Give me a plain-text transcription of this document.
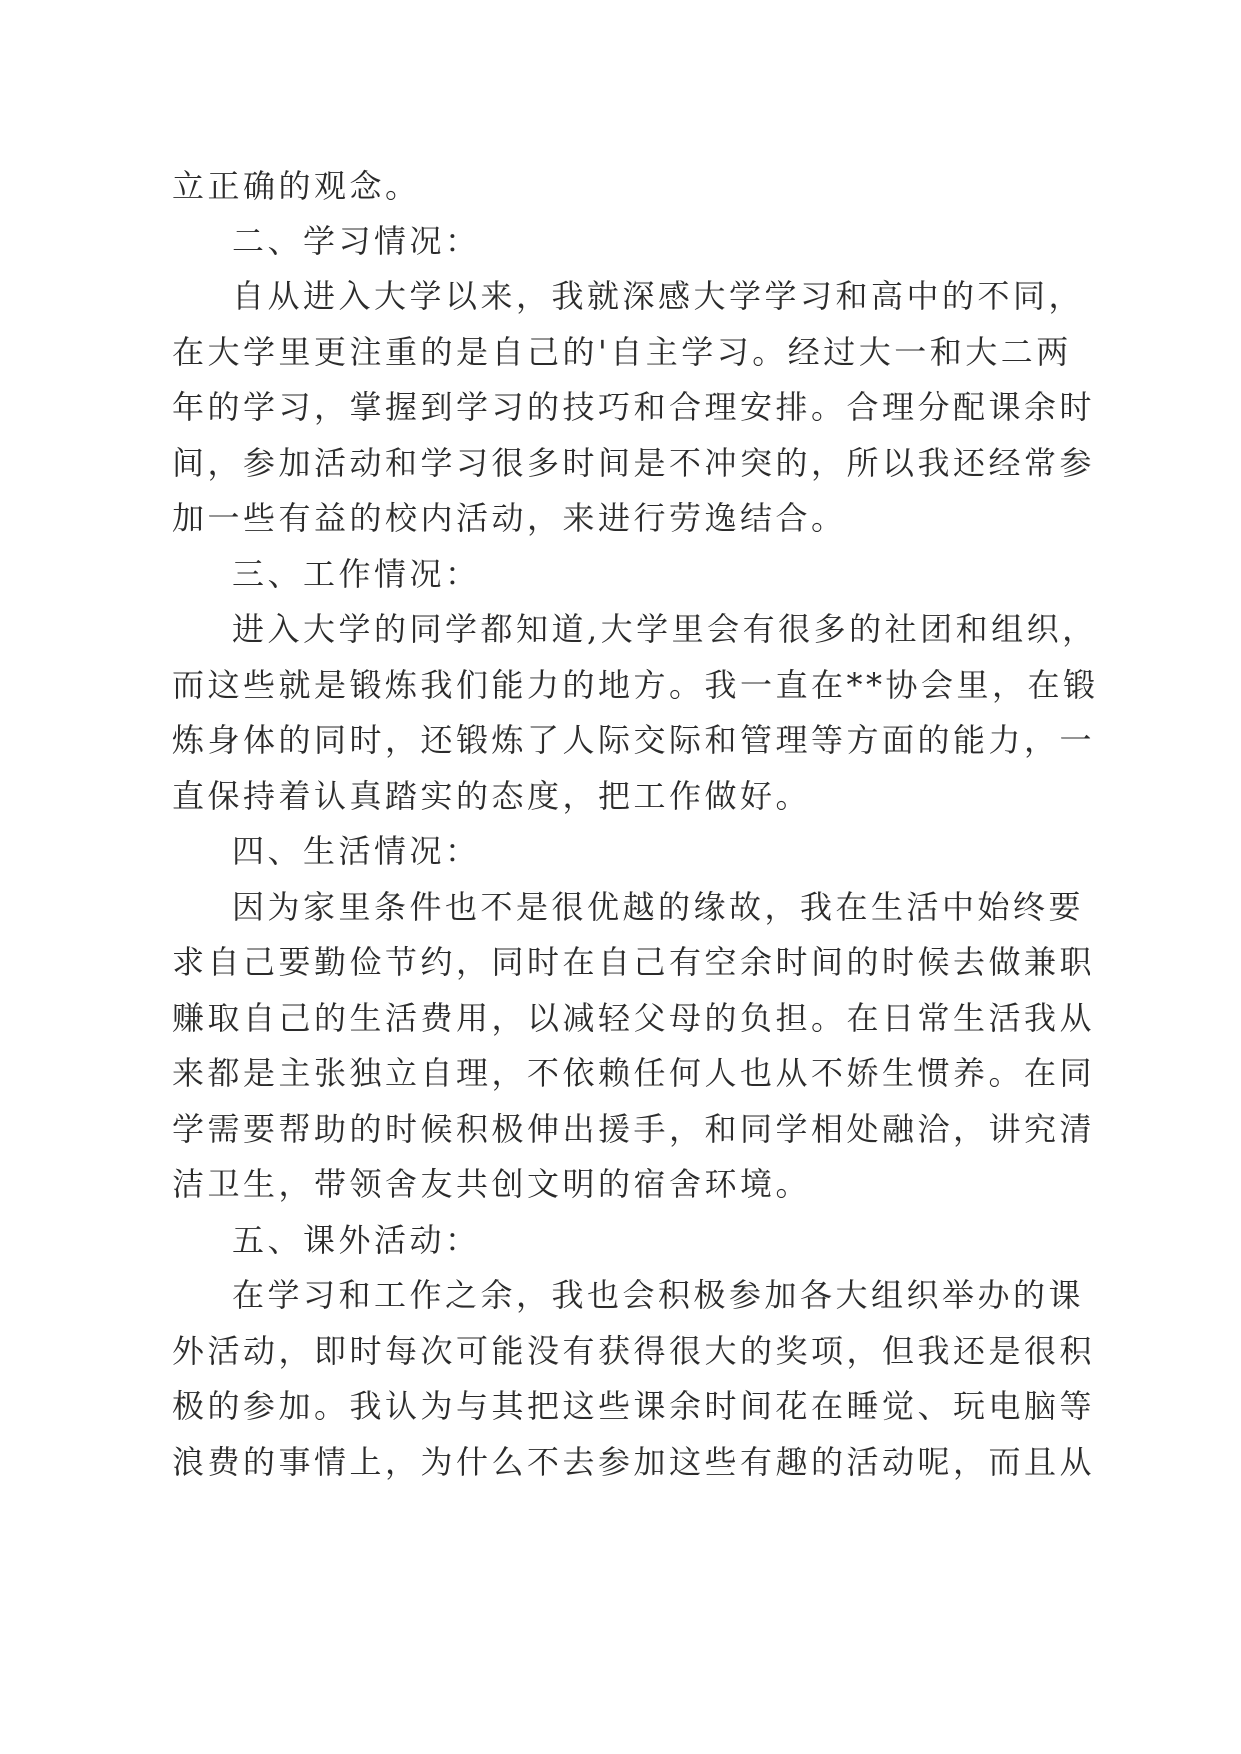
立正确的观念。

二、学习情况：

自从进入大学以来，我就深感大学学习和高中的不同，

在大学里更注重的是自己的'自主学习。经过大一和大二两

年的学习，掌握到学习的技巧和合理安排。合理分配课余时

间，参加活动和学习很多时间是不冲突的，所以我还经常参

加一些有益的校内活动，来进行劳逸结合。

三、工作情况：

进入大学的同学都知道,大学里会有很多的社团和组织，

而这些就是锻炼我们能力的地方。我一直在**协会里，在锻

炼身体的同时，还锻炼了人际交际和管理等方面的能力，一

直保持着认真踏实的态度，把工作做好。

四、生活情况：

因为家里条件也不是很优越的缘故，我在生活中始终要

求自己要勤俭节约，同时在自己有空余时间的时候去做兼职

赚取自己的生活费用，以减轻父母的负担。在日常生活我从

来都是主张独立自理，不依赖任何人也从不娇生惯养。在同

学需要帮助的时候积极伸出援手，和同学相处融洽，讲究清

洁卫生，带领舍友共创文明的宿舍环境。

五、课外活动：

在学习和工作之余，我也会积极参加各大组织举办的课

外活动，即时每次可能没有获得很大的奖项，但我还是很积

极的参加。我认为与其把这些课余时间花在睡觉、玩电脑等

浪费的事情上，为什么不去参加这些有趣的活动呢，而且从
